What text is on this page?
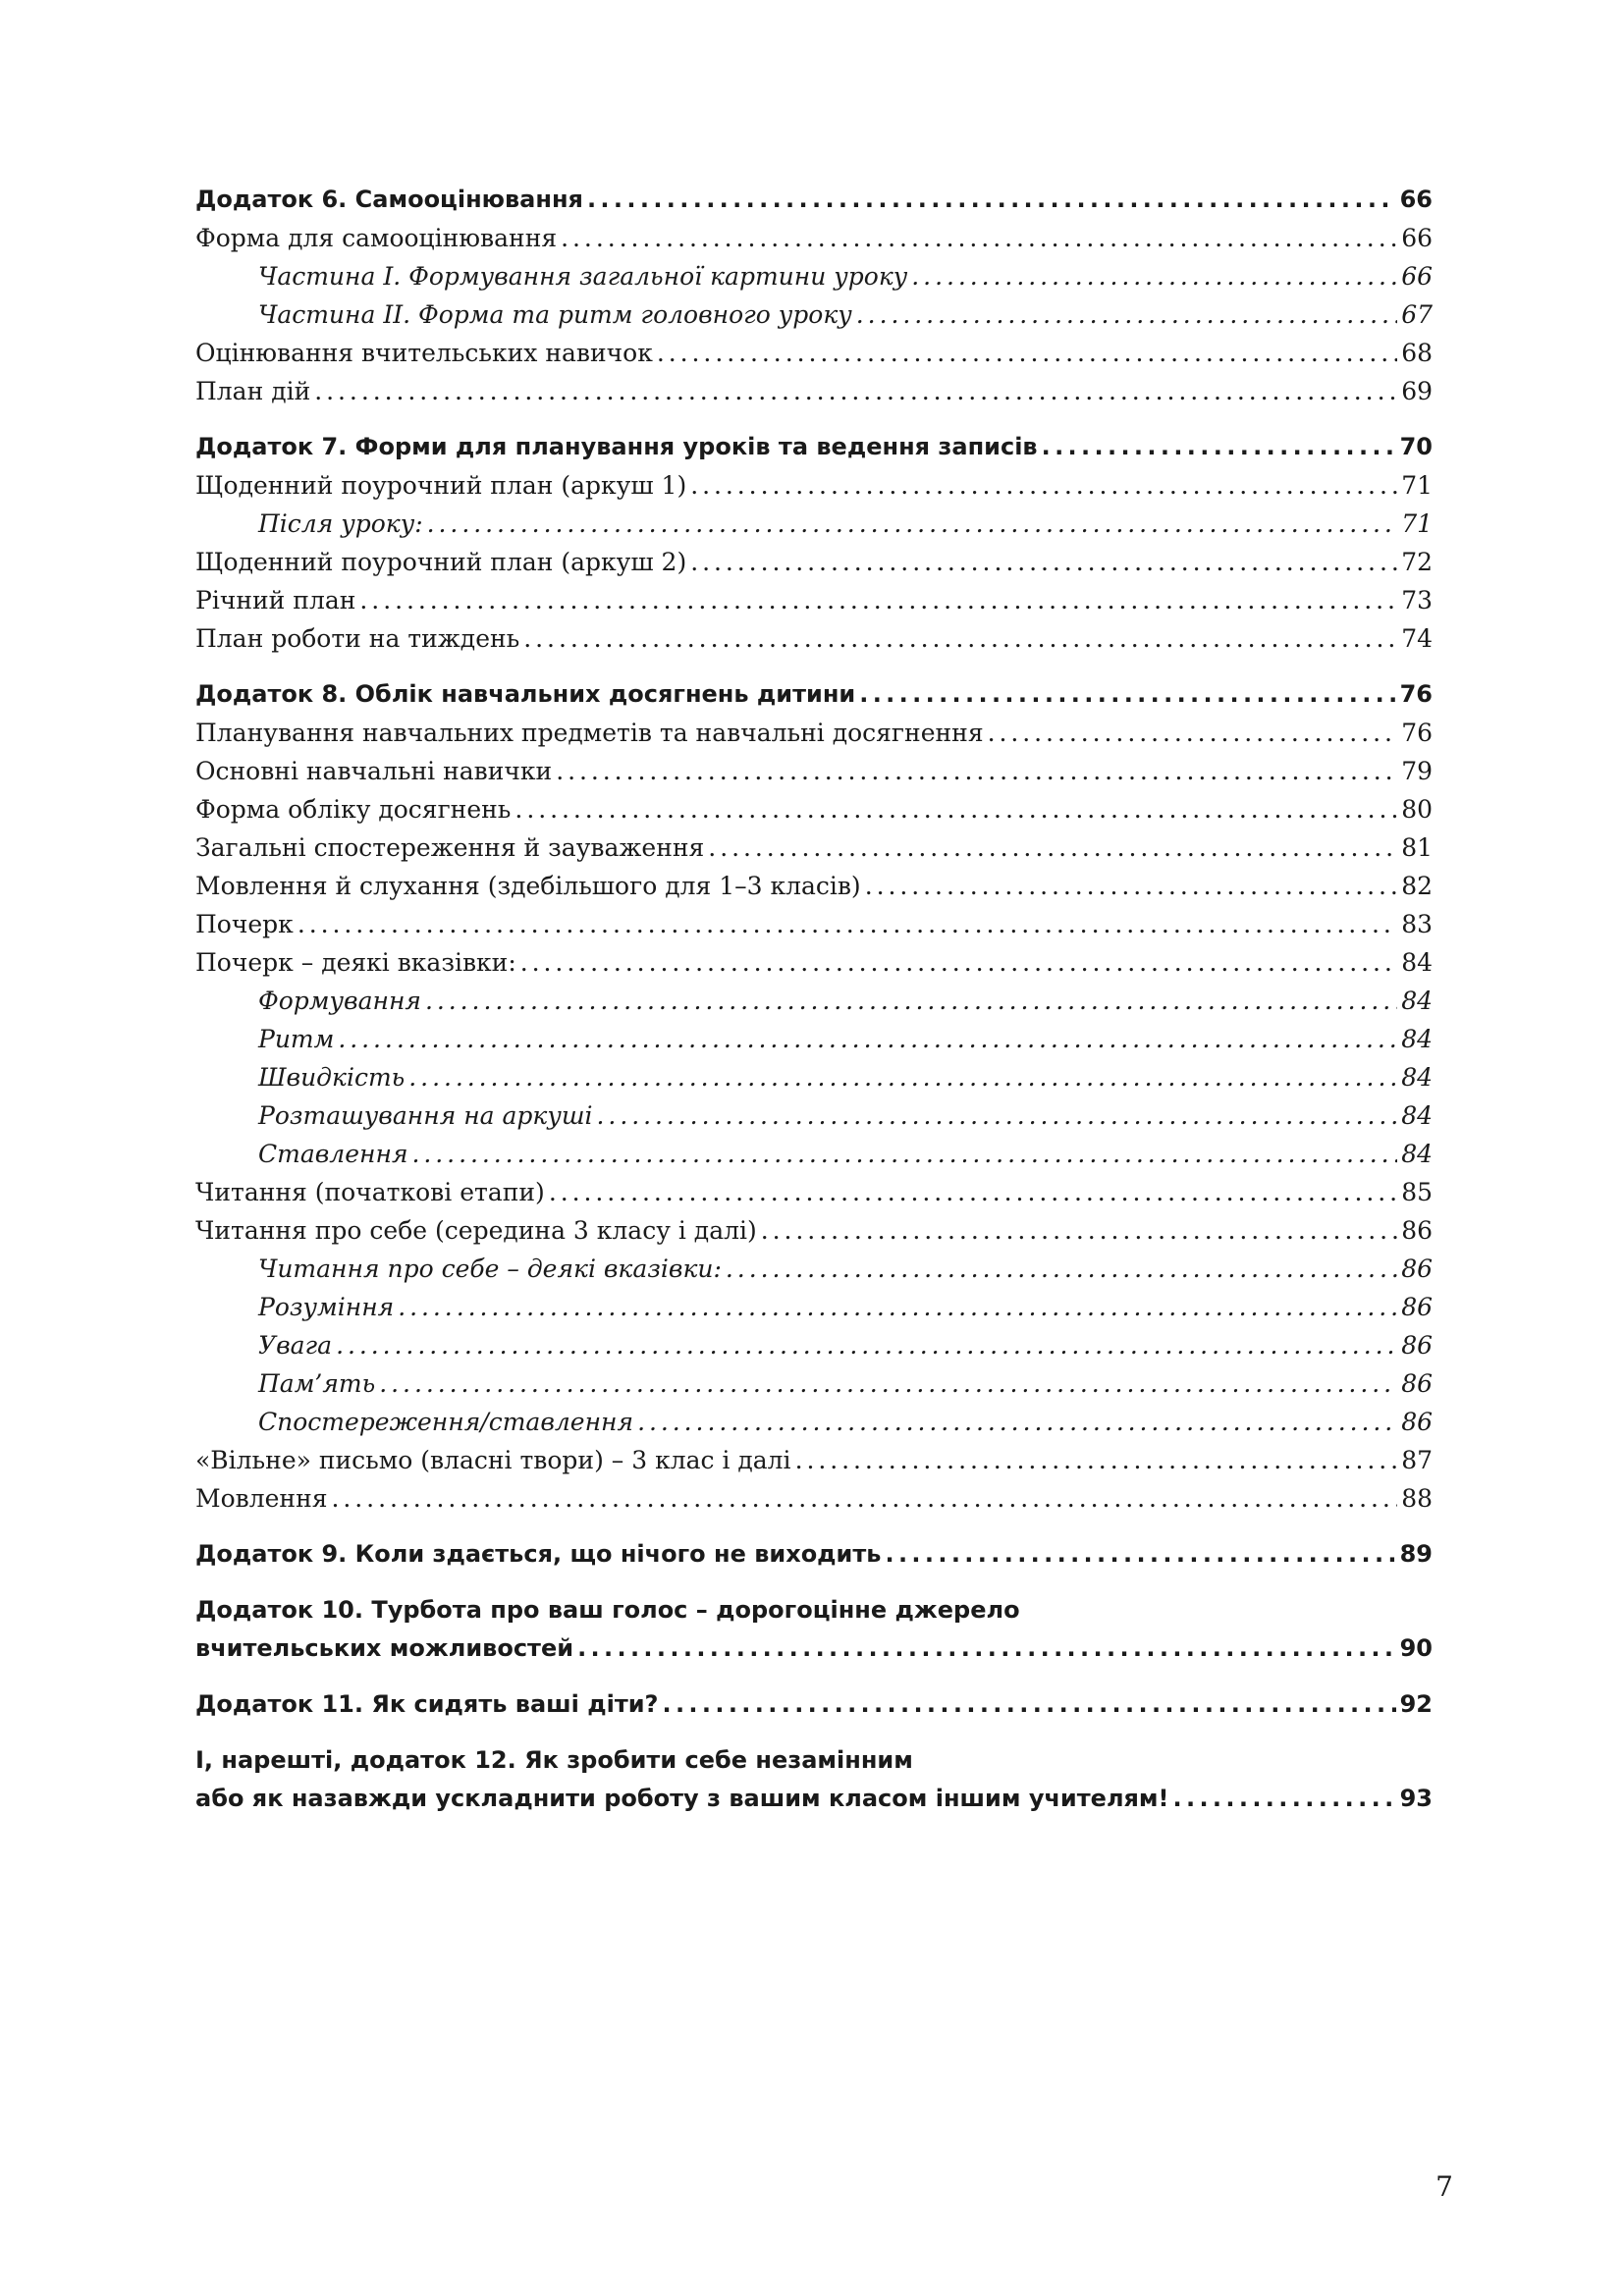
Додаток 6. Самооцінювання . . .	66
Форма для самооцінювання . . .	66
Частина І. Формування загальної картини уроку . . .	66
Частина ІІ. Форма та ритм головного уроку . . .	67
Оцінювання вчительських навичок . . .	68
План дій . . .	69
Додаток 7. Форми для планування уроків та ведення записів . . .	70
Щоденний поурочний план (аркуш 1) . . .	71
Після уроку: . . .	71
Щоденний поурочний план (аркуш 2) . . .	72
Річний план . . .	73
План роботи на тиждень . . .	74
Додаток 8. Облік навчальних досягнень дитини . . .	76
Планування навчальних предметів та навчальні досягнення . . .	76
Основні навчальні навички . . .	79
Форма обліку досягнень . . .	80
Загальні спостереження й зауваження . . .	81
Мовлення й слухання (здебільшого для 1–3 класів) . . .	82
Почерк . . .	83
Почерк – деякі вказівки: . . .	84
Формування . . .	84
Ритм . . .	84
Швидкість . . .	84
Розташування на аркуші . . .	84
Ставлення . . .	84
Читання (початкові етапи) . . .	85
Читання про себе (середина 3 класу і далі) . . .	86
Читання про себе – деякі вказівки: . . .	86
Розуміння . . .	86
Увага . . .	86
Пам’ять . . .	86
Спостереження/ставлення . . .	86
«Вільне» письмо (власні твори) – 3 клас і далі . . .	87
Мовлення . . .	88
Додаток 9. Коли здається, що нічого не виходить . . .	89
Додаток 10. Турбота про ваш голос – дорогоцінне джерело
вчительських можливостей . . .	90
Додаток 11. Як сидять ваші діти? . . .	92
І, нарешті, додаток 12. Як зробити себе незамінним
або як назавжди ускладнити роботу з вашим класом іншим учителям! . . .	93
7
